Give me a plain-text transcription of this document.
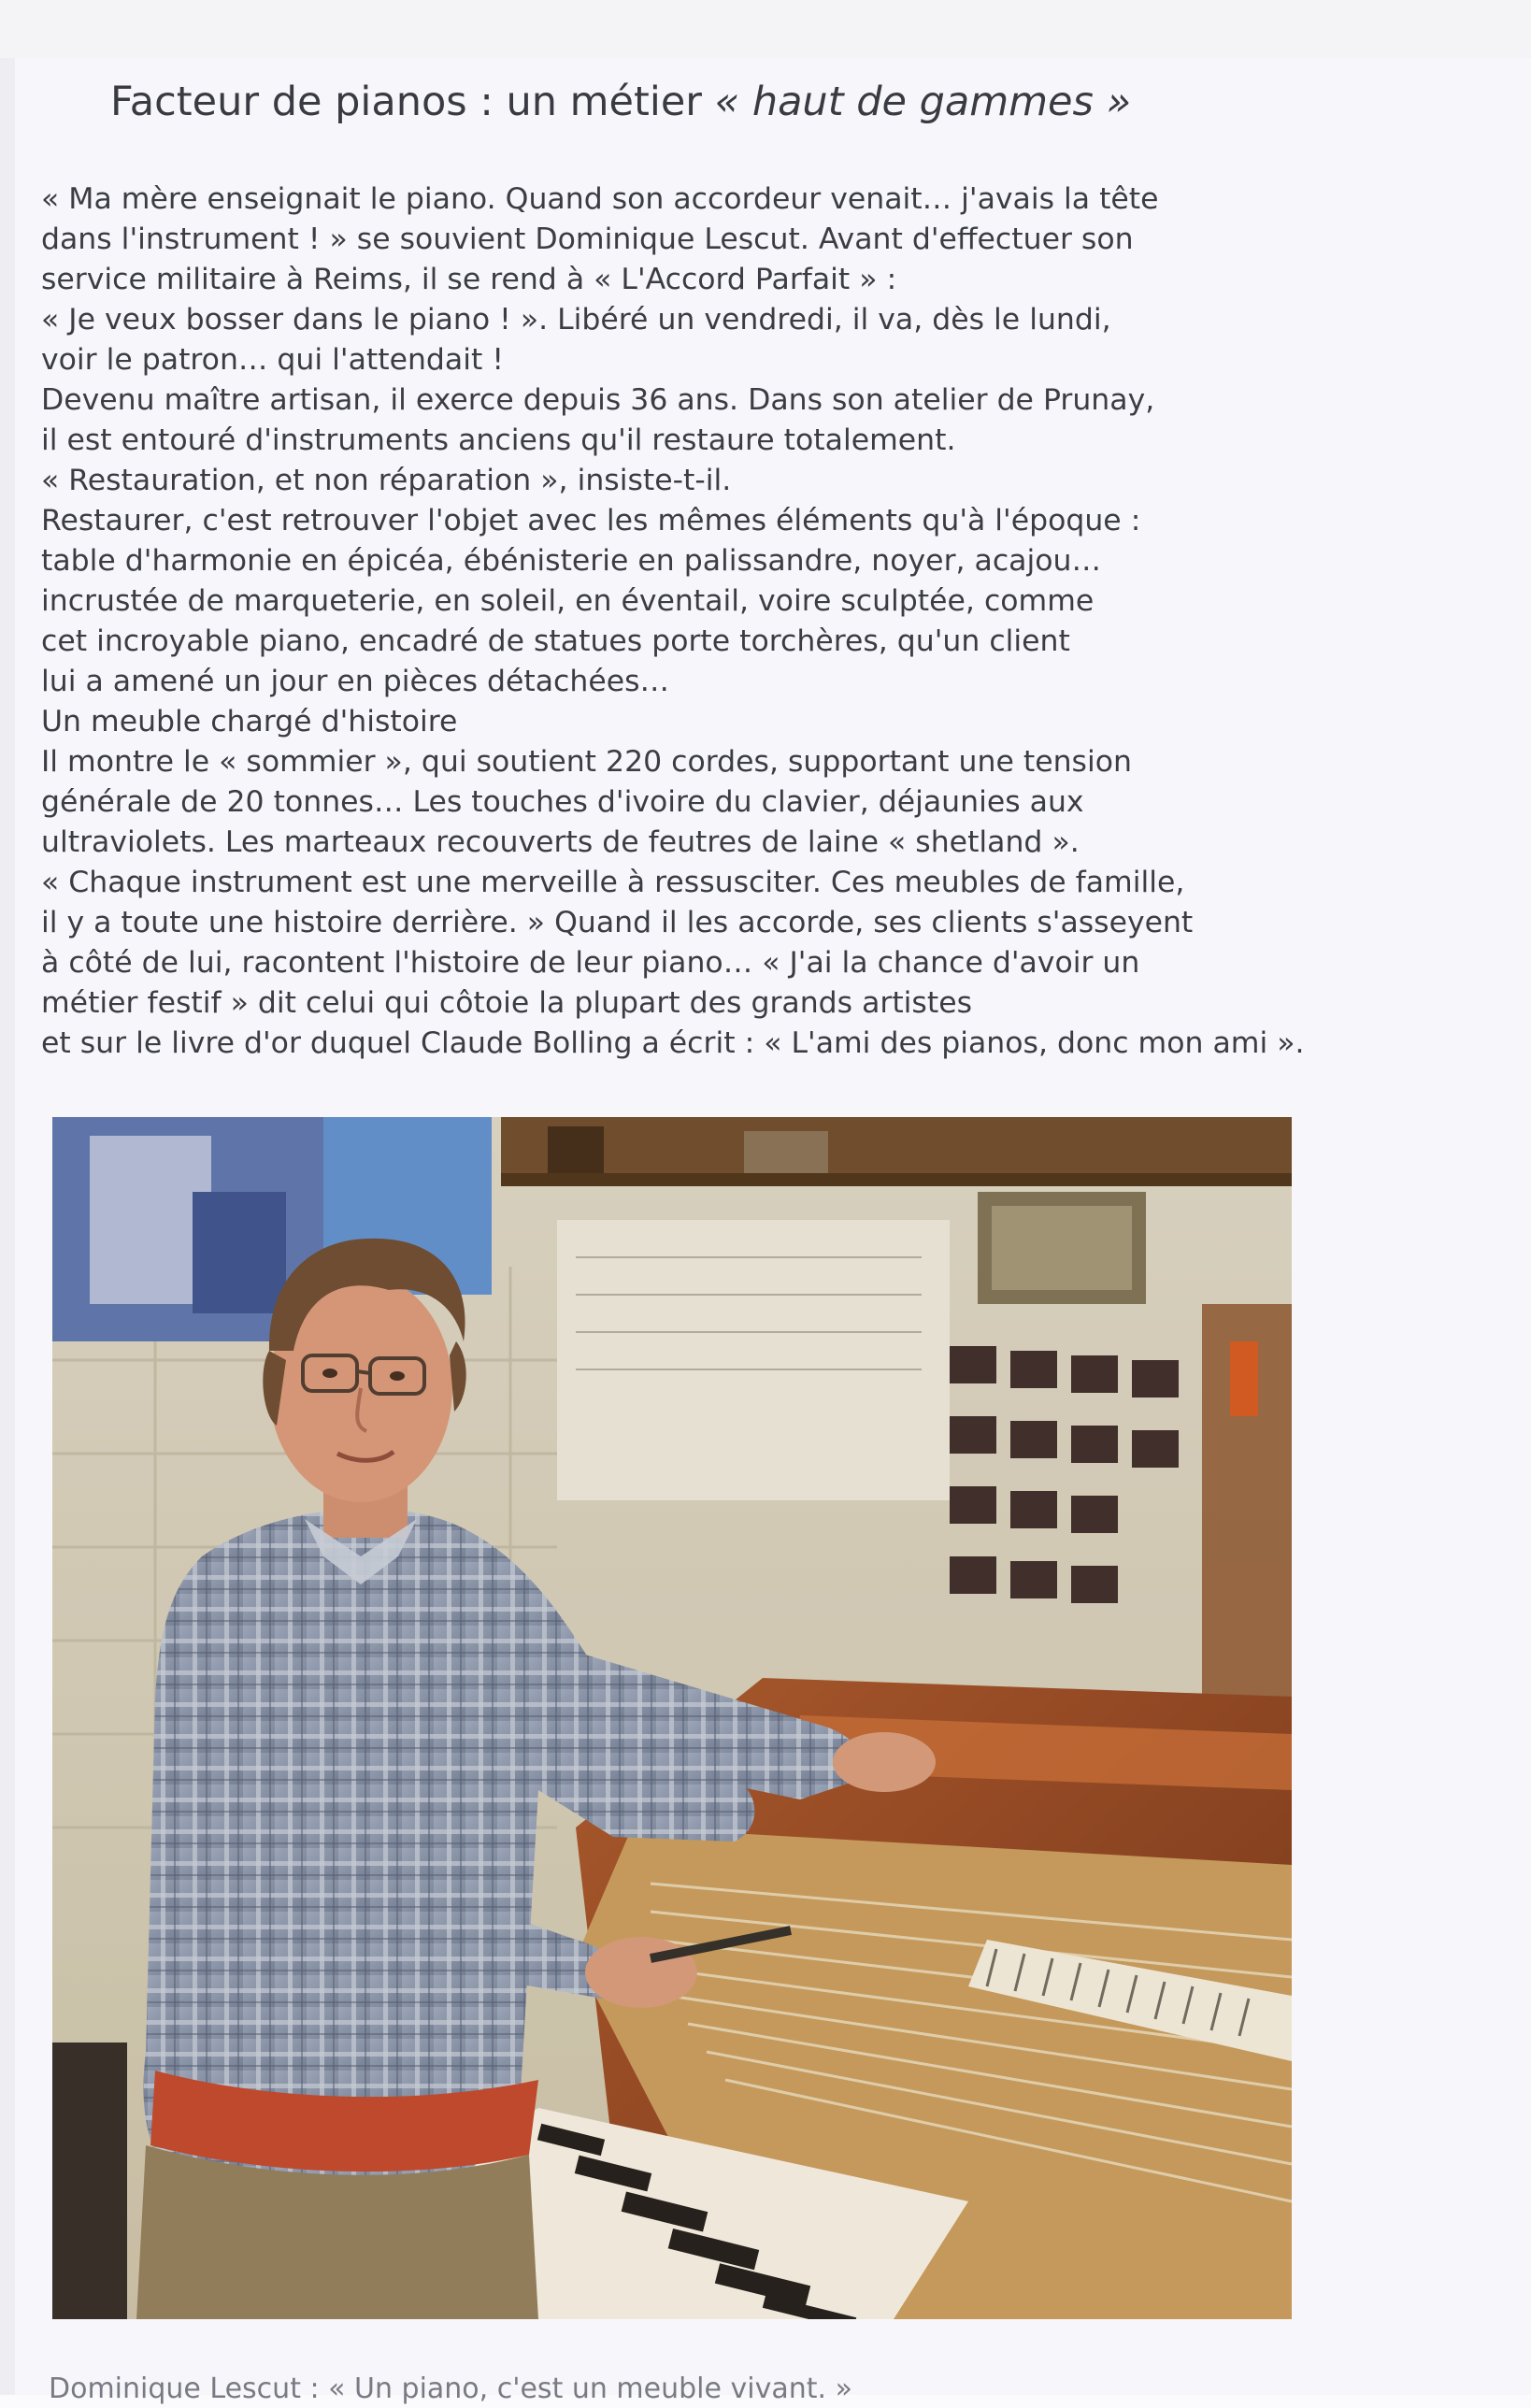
Facteur de pianos : un métier « haut de gammes »
« Ma mère enseignait le piano. Quand son accordeur venait… j'avais la tête
dans l'instrument ! » se souvient Dominique Lescut. Avant d'effectuer son
service militaire à Reims, il se rend à « L'Accord Parfait » :
« Je veux bosser dans le piano ! ». Libéré un vendredi, il va, dès le lundi,
voir le patron… qui l'attendait !
Devenu maître artisan, il exerce depuis 36 ans. Dans son atelier de Prunay,
il est entouré d'instruments anciens qu'il restaure totalement.
« Restauration, et non réparation », insiste-t-il.
Restaurer, c'est retrouver l'objet avec les mêmes éléments qu'à l'époque :
table d'harmonie en épicéa, ébénisterie en palissandre, noyer, acajou…
incrustée de marqueterie, en soleil, en éventail, voire sculptée, comme
cet incroyable piano, encadré de statues porte torchères, qu'un client
lui a amené un jour en pièces détachées…
Un meuble chargé d'histoire
Il montre le « sommier », qui soutient 220 cordes, supportant une tension
générale de 20 tonnes… Les touches d'ivoire du clavier, déjaunies aux
ultraviolets. Les marteaux recouverts de feutres de laine « shetland ».
« Chaque instrument est une merveille à ressusciter. Ces meubles de famille,
il y a toute une histoire derrière. » Quand il les accorde, ses clients s'asseyent
à côté de lui, racontent l'histoire de leur piano… « J'ai la chance d'avoir un
métier festif » dit celui qui côtoie la plupart des grands artistes
et sur le livre d'or duquel Claude Bolling a écrit : « L'ami des pianos, donc mon ami ».
Dominique Lescut : « Un piano, c'est un meuble vivant. »
